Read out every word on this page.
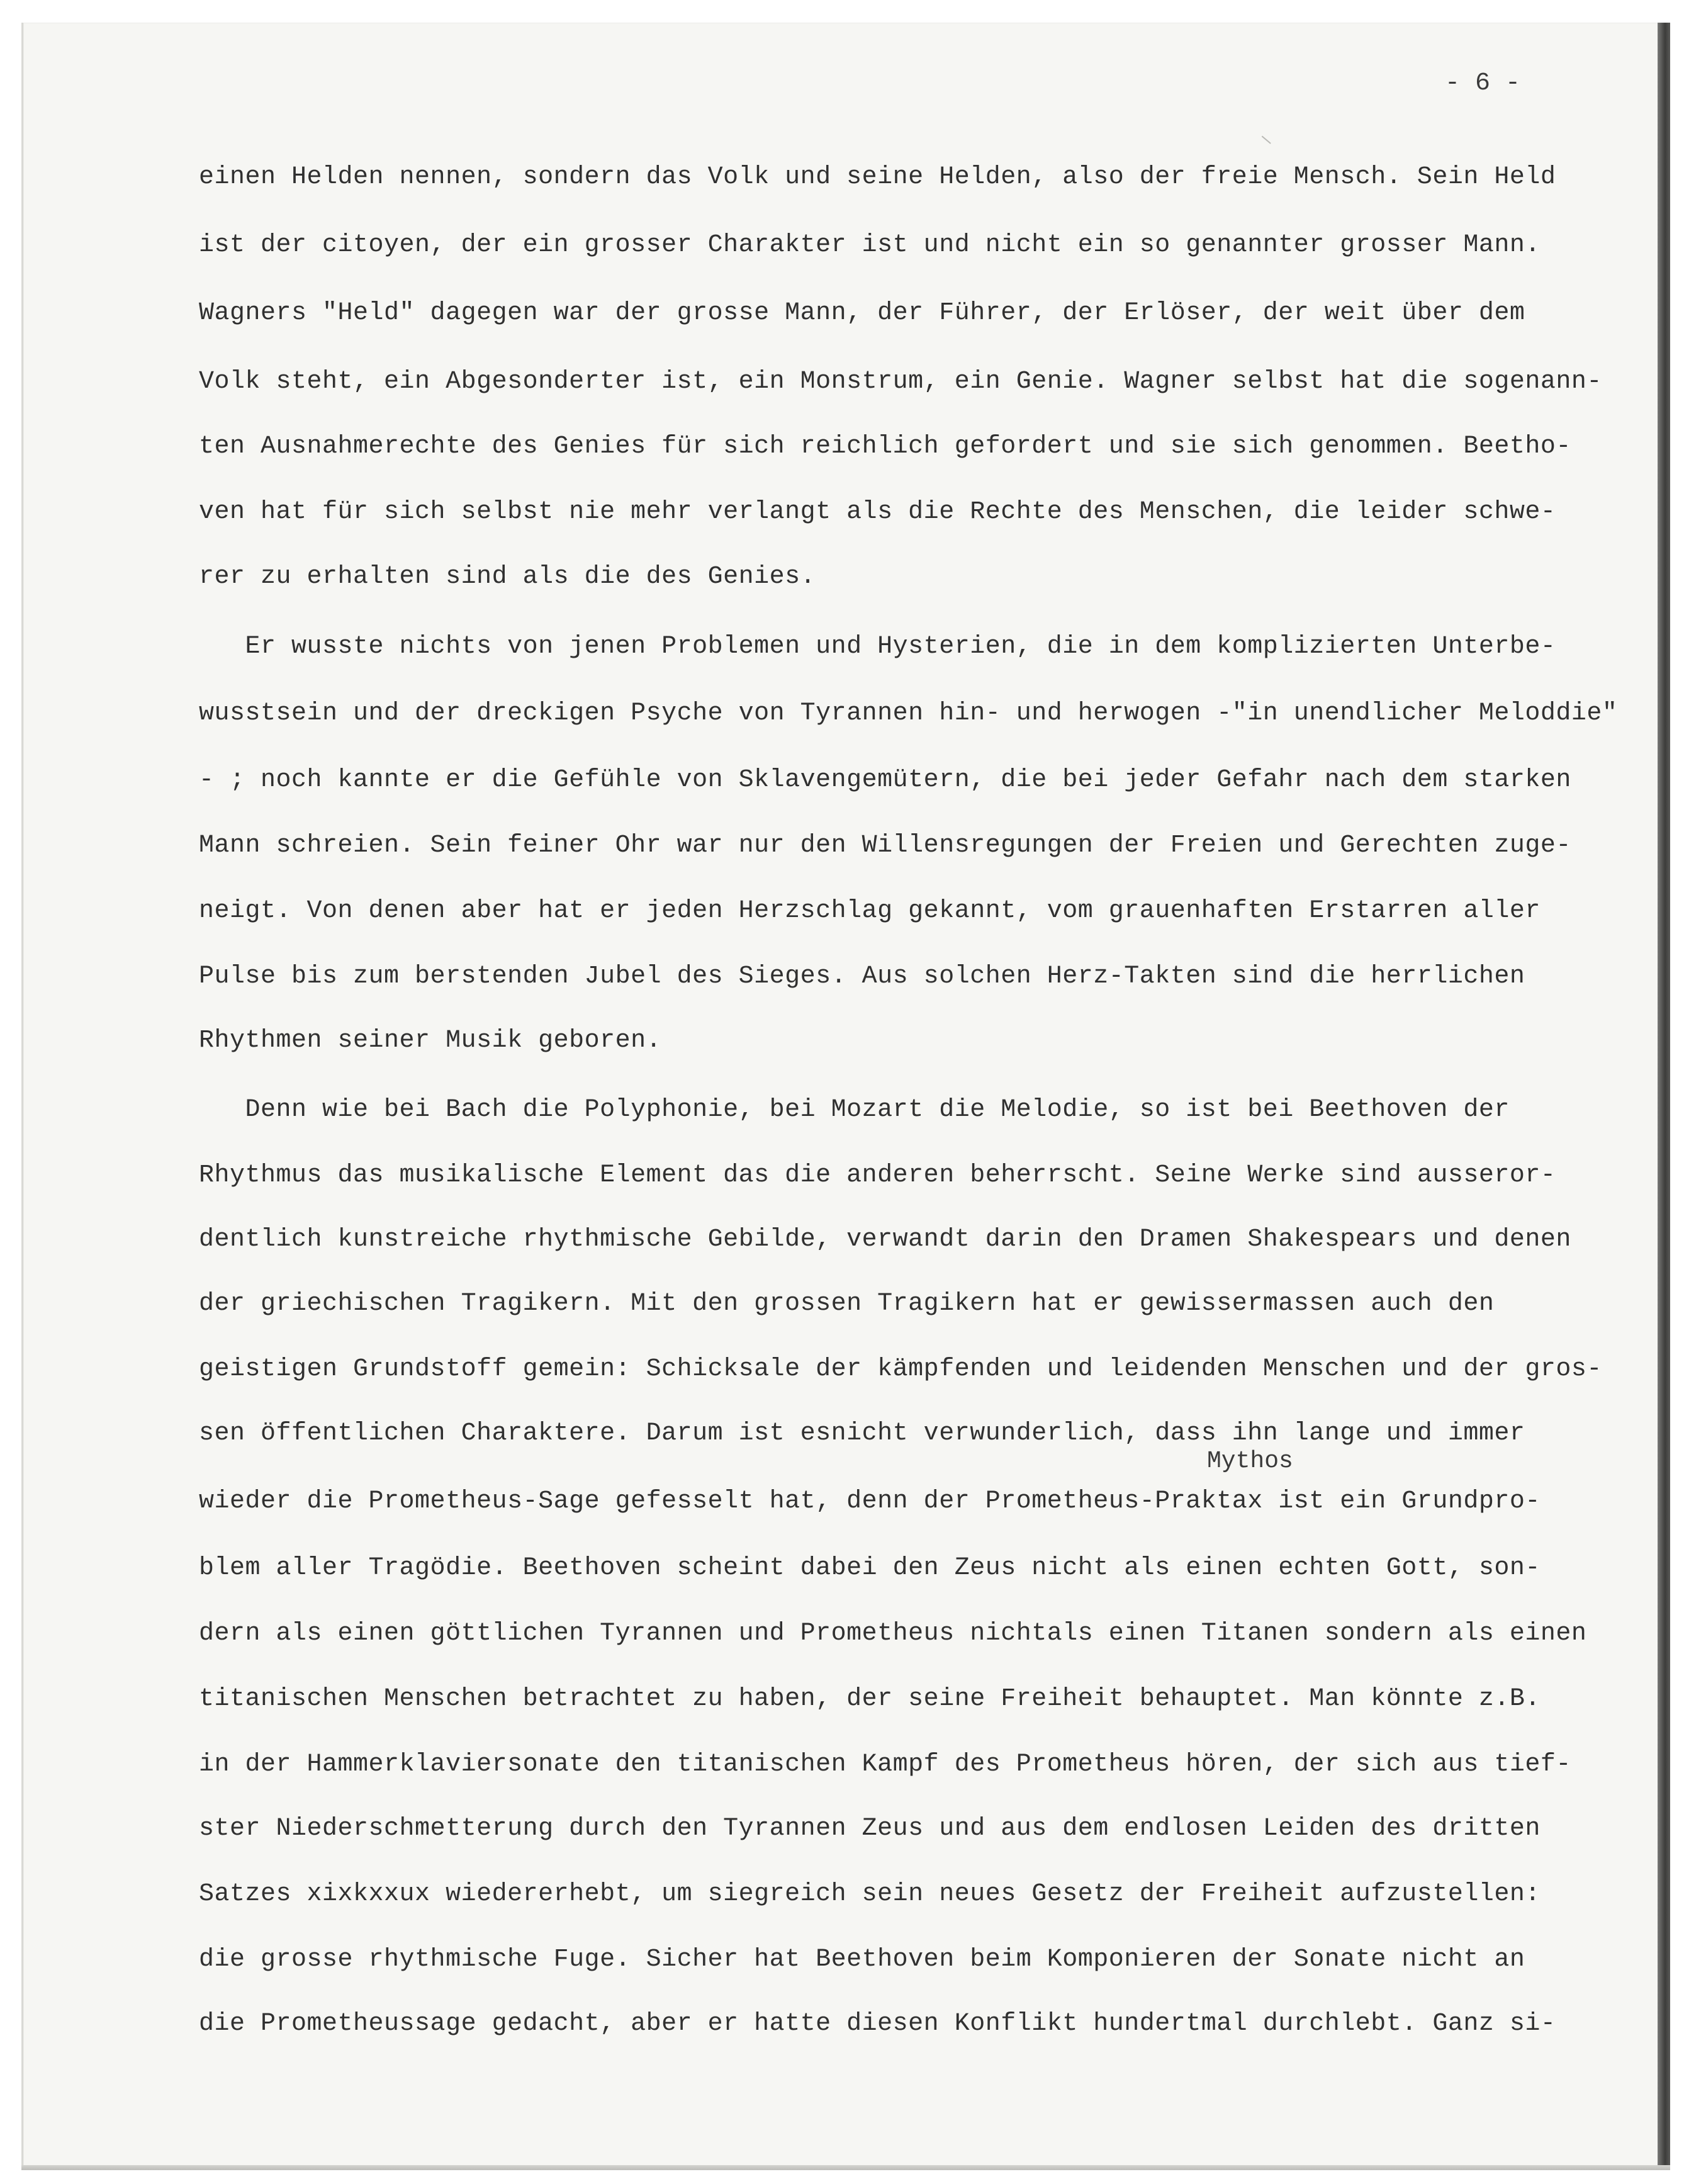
- 6 -
einen Helden nennen, sondern das Volk und seine Helden, also der freie Mensch. Sein Held
ist der citoyen, der ein grosser Charakter ist und nicht ein so genannter grosser Mann.
Wagners "Held" dagegen war der grosse Mann, der Führer, der Erlöser, der weit über dem
Volk steht, ein Abgesonderter ist, ein Monstrum, ein Genie. Wagner selbst hat die sogenann-
ten Ausnahmerechte des Genies für sich reichlich gefordert und sie sich genommen. Beetho-
ven hat für sich selbst nie mehr verlangt als die Rechte des Menschen, die leider schwe-
rer zu erhalten sind als die des Genies.
Er wusste nichts von jenen Problemen und Hysterien, die in dem komplizierten Unterbe-
wusstsein und der dreckigen Psyche von Tyrannen hin- und herwogen -"in unendlicher Meloddie"
- ; noch kannte er die Gefühle von Sklavengemütern, die bei jeder Gefahr nach dem starken
Mann schreien. Sein feiner Ohr war nur den Willensregungen der Freien und Gerechten zuge-
neigt. Von denen aber hat er jeden Herzschlag gekannt, vom grauenhaften Erstarren aller
Pulse bis zum berstenden Jubel des Sieges. Aus solchen Herz-Takten sind die herrlichen
Rhythmen seiner Musik geboren.
Denn wie bei Bach die Polyphonie, bei Mozart die Melodie, so ist bei Beethoven der
Rhythmus das musikalische Element das die anderen beherrscht. Seine Werke sind ausseror-
dentlich kunstreiche rhythmische Gebilde, verwandt darin den Dramen Shakespears und denen
der griechischen Tragikern. Mit den grossen Tragikern hat er gewissermassen auch den
geistigen Grundstoff gemein: Schicksale der kämpfenden und leidenden Menschen und der gros-
sen öffentlichen Charaktere. Darum ist esnicht verwunderlich, dass ihn lange und immer
Mythos
wieder die Prometheus-Sage gefesselt hat, denn der Prometheus-Praktax ist ein Grundpro-
blem aller Tragödie. Beethoven scheint dabei den Zeus nicht als einen echten Gott, son-
dern als einen göttlichen Tyrannen und Prometheus nichtals einen Titanen sondern als einen
titanischen Menschen betrachtet zu haben, der seine Freiheit behauptet. Man könnte z.B.
in der Hammerklaviersonate den titanischen Kampf des Prometheus hören, der sich aus tief-
ster Niederschmetterung durch den Tyrannen Zeus und aus dem endlosen Leiden des dritten
Satzes xixkxxux wiedererhebt, um siegreich sein neues Gesetz der Freiheit aufzustellen:
die grosse rhythmische Fuge. Sicher hat Beethoven beim Komponieren der Sonate nicht an
die Prometheussage gedacht, aber er hatte diesen Konflikt hundertmal durchlebt. Ganz si-
